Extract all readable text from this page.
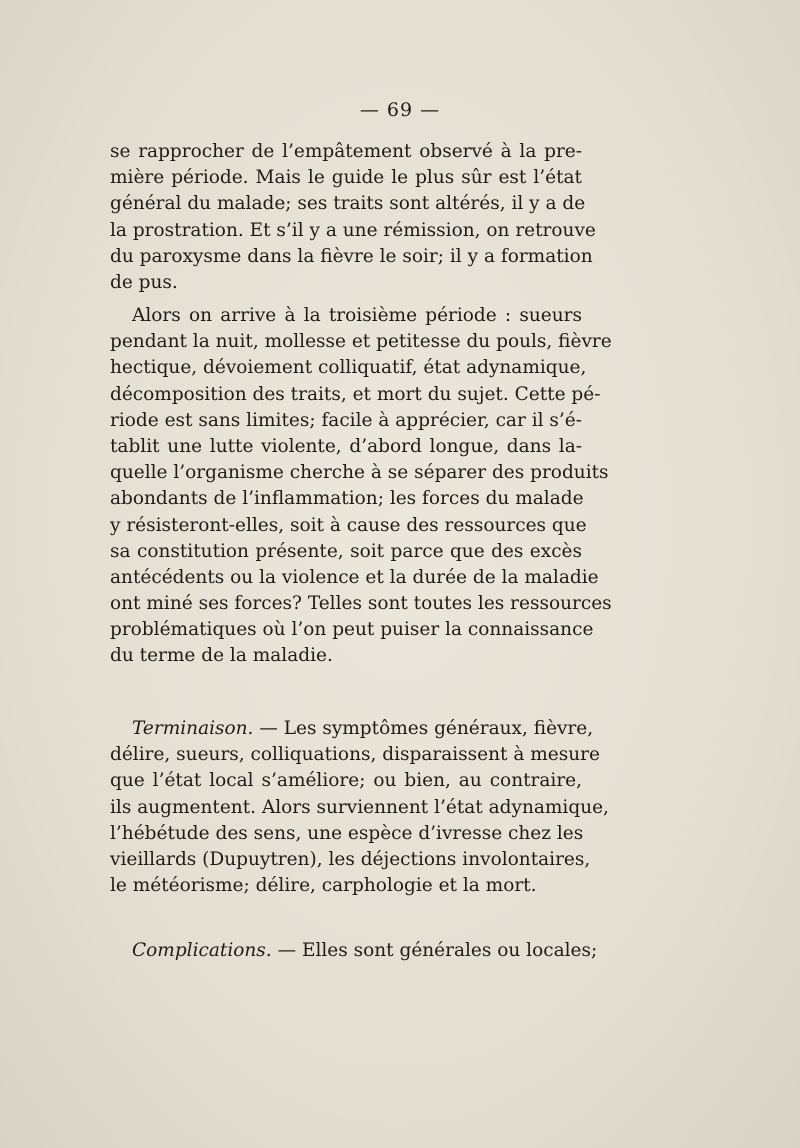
— 69 —
se rapprocher de l’empâtement observé à la pre-
mière période. Mais le guide le plus sûr est l’état
général du malade; ses traits sont altérés, il y a de
la prostration. Et s’il y a une rémission, on retrouve
du paroxysme dans la fièvre le soir; il y a formation
de pus.
Alors on arrive à la troisième période : sueurs
pendant la nuit, mollesse et petitesse du pouls, fièvre
hectique, dévoiement colliquatif, état adynamique,
décomposition des traits, et mort du sujet. Cette pé-
riode est sans limites; facile à apprécier, car il s’é-
tablit une lutte violente, d’abord longue, dans la-
quelle l’organisme cherche à se séparer des produits
abondants de l’inflammation; les forces du malade
y résisteront-elles, soit à cause des ressources que
sa constitution présente, soit parce que des excès
antécédents ou la violence et la durée de la maladie
ont miné ses forces? Telles sont toutes les ressources
problématiques où l’on peut puiser la connaissance
du terme de la maladie.
Terminaison. — Les symptômes généraux, fièvre,
délire, sueurs, colliquations, disparaissent à mesure
que l’état local s’améliore; ou bien, au contraire,
ils augmentent. Alors surviennent l’état adynamique,
l’hébétude des sens, une espèce d’ivresse chez les
vieillards (Dupuytren), les déjections involontaires,
le météorisme; délire, carphologie et la mort.
Complications. — Elles sont générales ou locales;
